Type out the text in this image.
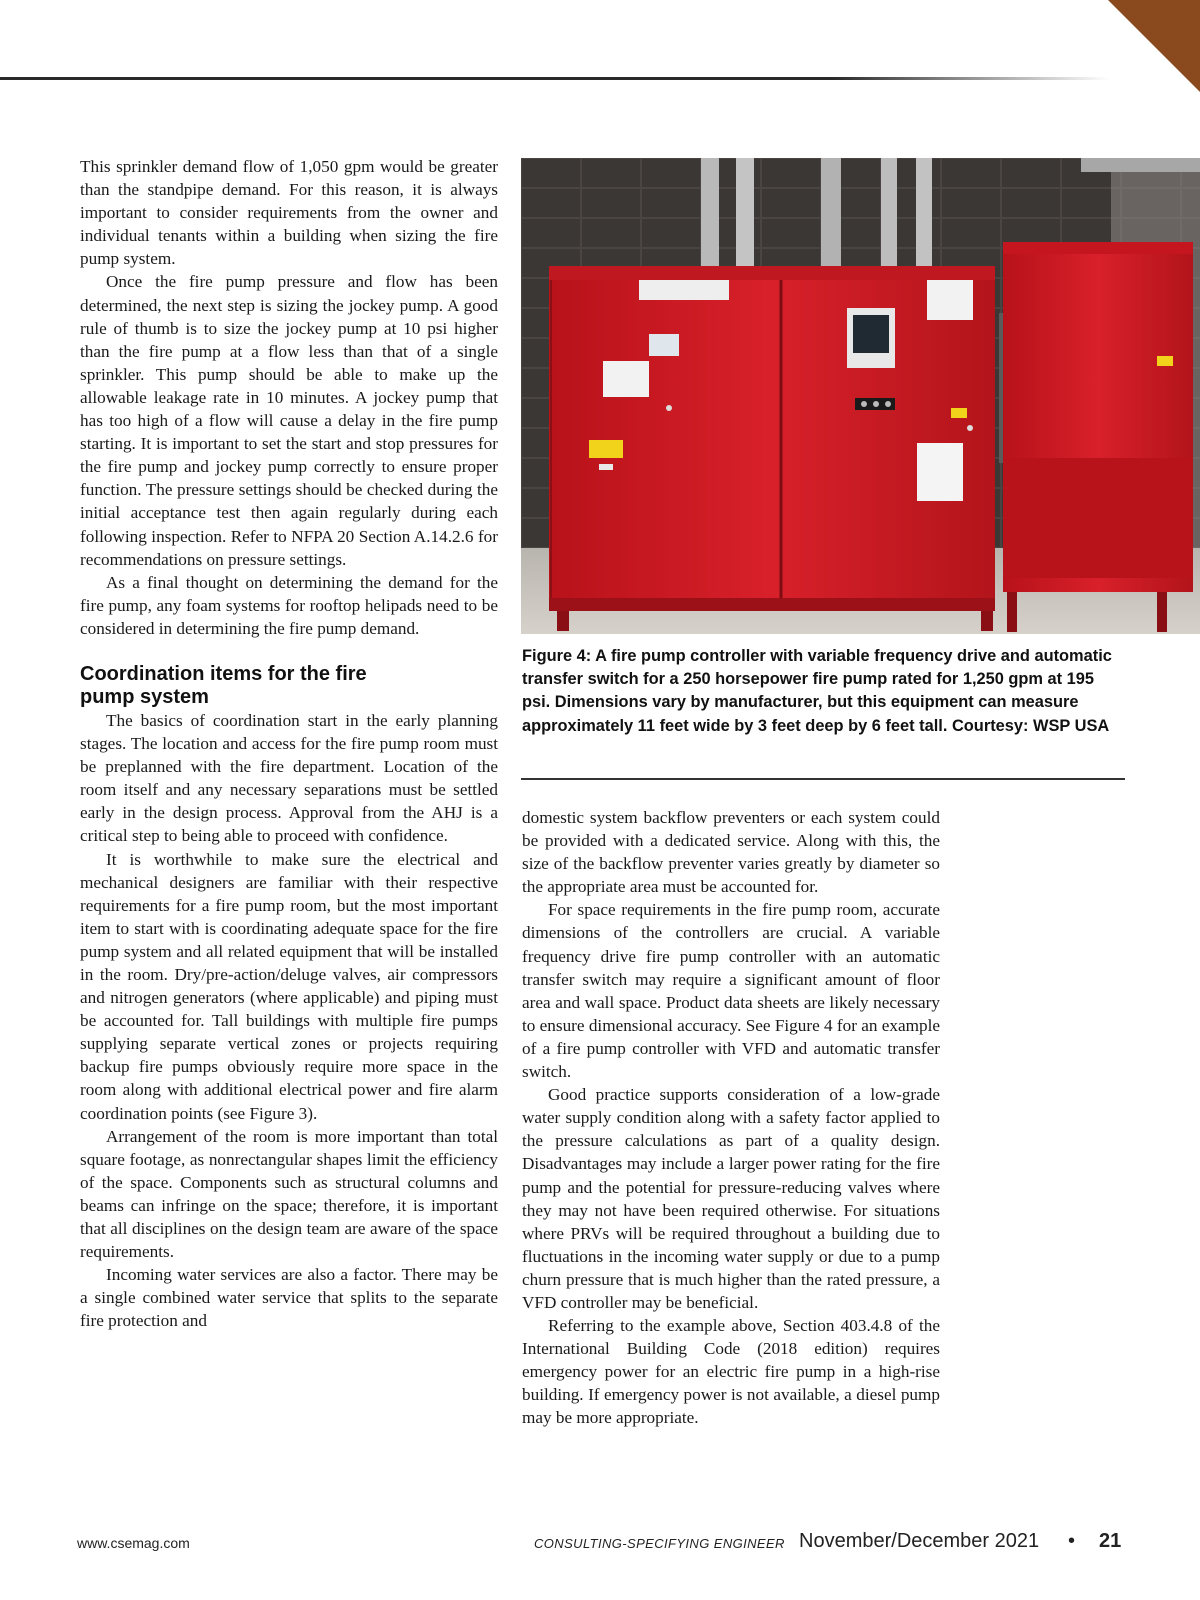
This sprinkler demand flow of 1,050 gpm would be greater than the standpipe demand. For this reason, it is always important to consider requirements from the owner and individual tenants within a building when sizing the fire pump system.

Once the fire pump pressure and flow has been determined, the next step is sizing the jockey pump. A good rule of thumb is to size the jockey pump at 10 psi higher than the fire pump at a flow less than that of a single sprinkler. This pump should be able to make up the allowable leakage rate in 10 minutes. A jockey pump that has too high of a flow will cause a delay in the fire pump starting. It is important to set the start and stop pressures for the fire pump and jockey pump correctly to ensure proper function. The pressure settings should be checked during the initial acceptance test then again regularly during each following inspection. Refer to NFPA 20 Section A.14.2.6 for recommendations on pressure settings.

As a final thought on determining the demand for the fire pump, any foam systems for rooftop helipads need to be considered in determining the fire pump demand.

Coordination items for the fire pump system

The basics of coordination start in the early planning stages. The location and access for the fire pump room must be preplanned with the fire department. Location of the room itself and any necessary separations must be settled early in the design process. Approval from the AHJ is a critical step to being able to proceed with confidence.

It is worthwhile to make sure the electrical and mechanical designers are familiar with their respective requirements for a fire pump room, but the most important item to start with is coordinating adequate space for the fire pump system and all related equipment that will be installed in the room. Dry/pre-action/deluge valves, air compressors and nitrogen generators (where applicable) and piping must be accounted for. Tall buildings with multiple fire pumps supplying separate vertical zones or projects requiring backup fire pumps obviously require more space in the room along with additional electrical power and fire alarm coordination points (see Figure 3).

Arrangement of the room is more important than total square footage, as nonrectangular shapes limit the efficiency of the space. Components such as structural columns and beams can infringe on the space; therefore, it is important that all disciplines on the design team are aware of the space requirements.

Incoming water services are also a factor. There may be a single combined water service that splits to the separate fire protection and

Figure 4: A fire pump controller with variable frequency drive and automatic transfer switch for a 250 horsepower fire pump rated for 1,250 gpm at 195 psi. Dimensions vary by manufacturer, but this equipment can measure approximately 11 feet wide by 3 feet deep by 6 feet tall. Courtesy: WSP USA

domestic system backflow preventers or each system could be provided with a dedicated service. Along with this, the size of the backflow preventer varies greatly by diameter so the appropriate area must be accounted for.

For space requirements in the fire pump room, accurate dimensions of the controllers are crucial. A variable frequency drive fire pump controller with an automatic transfer switch may require a significant amount of floor area and wall space. Product data sheets are likely necessary to ensure dimensional accuracy. See Figure 4 for an example of a fire pump controller with VFD and automatic transfer switch.

Good practice supports consideration of a low-grade water supply condition along with a safety factor applied to the pressure calculations as part of a quality design. Disadvantages may include a larger power rating for the fire pump and the potential for pressure-reducing valves where they may not have been required otherwise. For situations where PRVs will be required throughout a building due to fluctuations in the incoming water supply or due to a pump churn pressure that is much higher than the rated pressure, a VFD controller may be beneficial.

Referring to the example above, Section 403.4.8 of the International Building Code (2018 edition) requires emergency power for an electric fire pump in a high-rise building. If emergency power is not available, a diesel pump may be more appropriate.

www.csemag.com	CONSULTING-SPECIFYING ENGINEER November/December 2021 • 21
